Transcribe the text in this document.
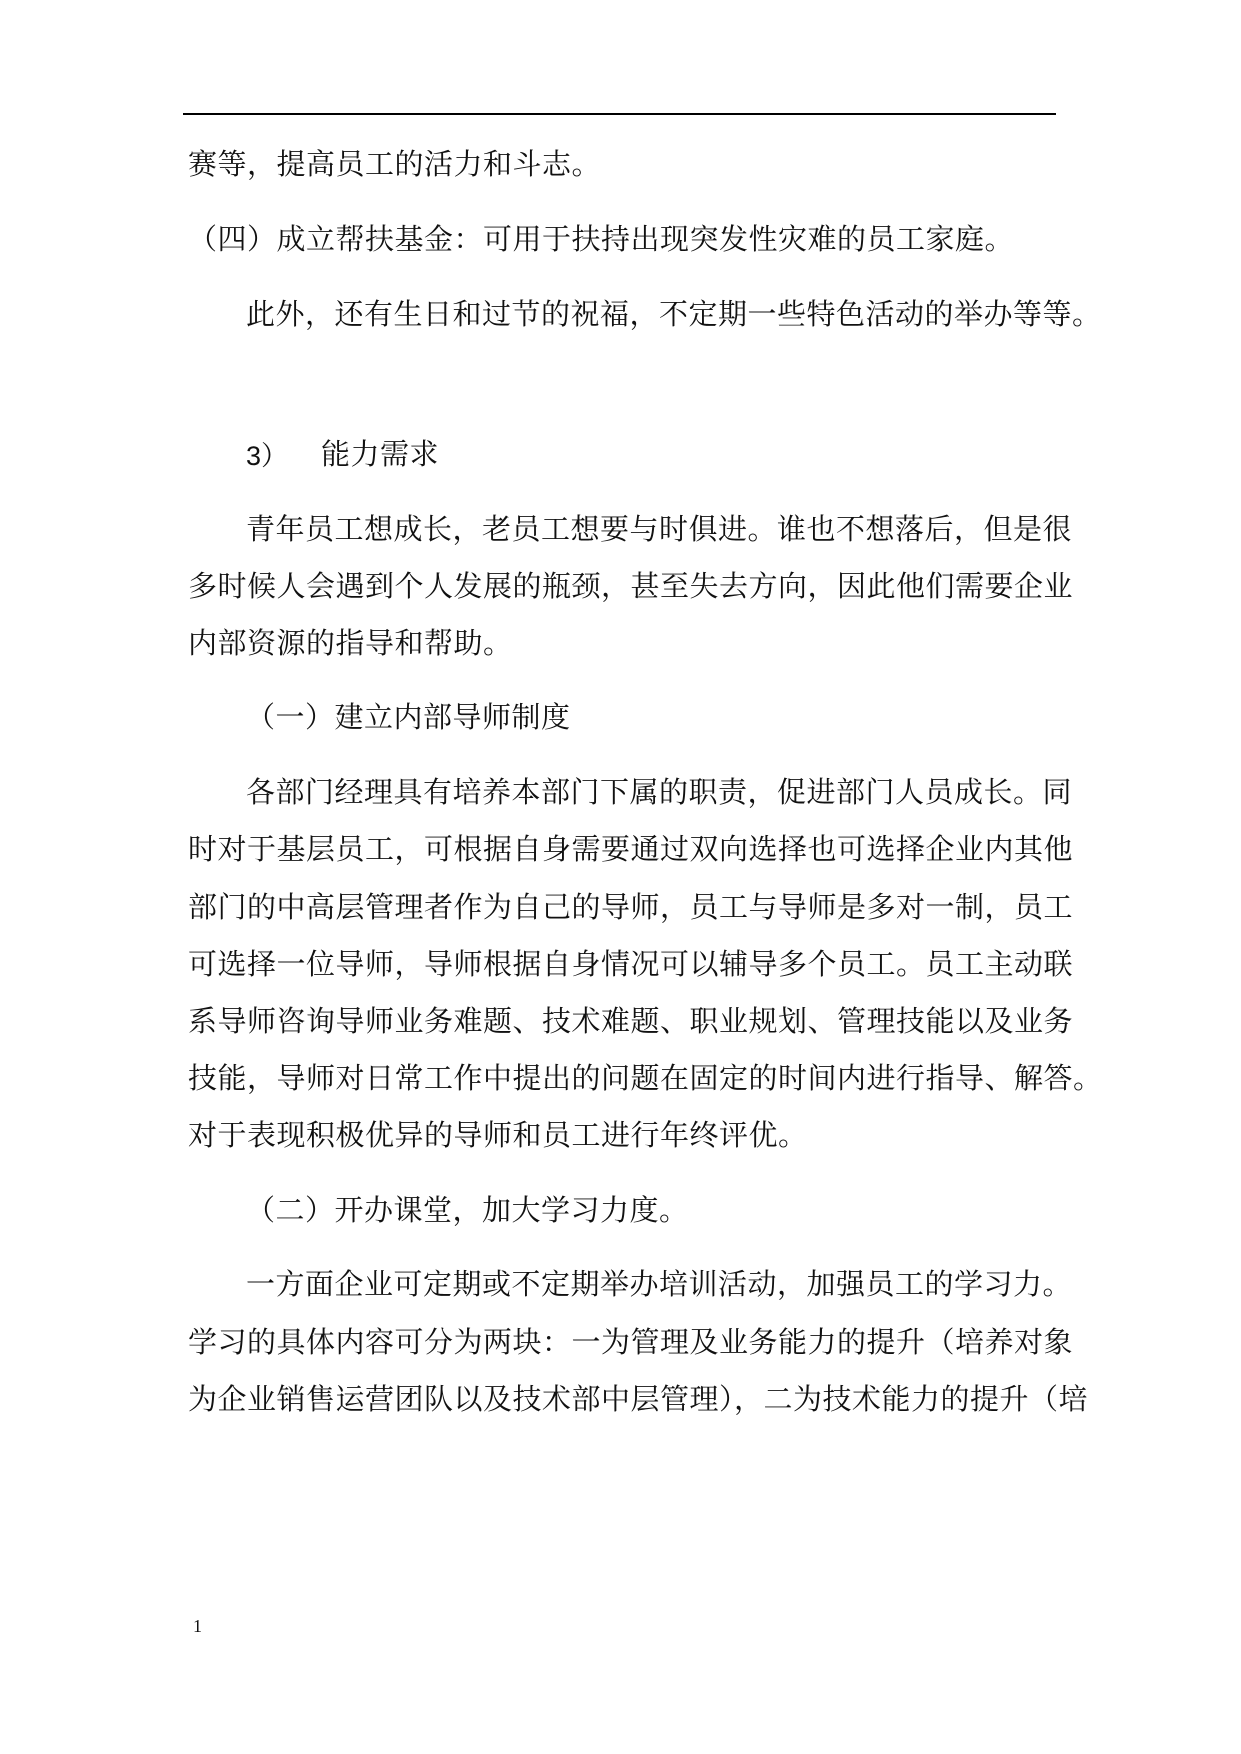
赛等，提高员工的活力和斗志。
（四）成立帮扶基金：可用于扶持出现突发性灾难的员工家庭。
此外，还有生日和过节的祝福，不定期一些特色活动的举办等等。
3） 能力需求
青年员工想成长，老员工想要与时俱进。谁也不想落后，但是很
多时候人会遇到个人发展的瓶颈，甚至失去方向，因此他们需要企业
内部资源的指导和帮助。
（一）建立内部导师制度
各部门经理具有培养本部门下属的职责，促进部门人员成长。同
时对于基层员工，可根据自身需要通过双向选择也可选择企业内其他
部门的中高层管理者作为自己的导师，员工与导师是多对一制，员工
可选择一位导师，导师根据自身情况可以辅导多个员工。员工主动联
系导师咨询导师业务难题、技术难题、职业规划、管理技能以及业务
技能，导师对日常工作中提出的问题在固定的时间内进行指导、解答。
对于表现积极优异的导师和员工进行年终评优。
（二）开办课堂，加大学习力度。
一方面企业可定期或不定期举办培训活动，加强员工的学习力。
学习的具体内容可分为两块：一为管理及业务能力的提升（培养对象
为企业销售运营团队以及技术部中层管理），二为技术能力的提升（培
1
